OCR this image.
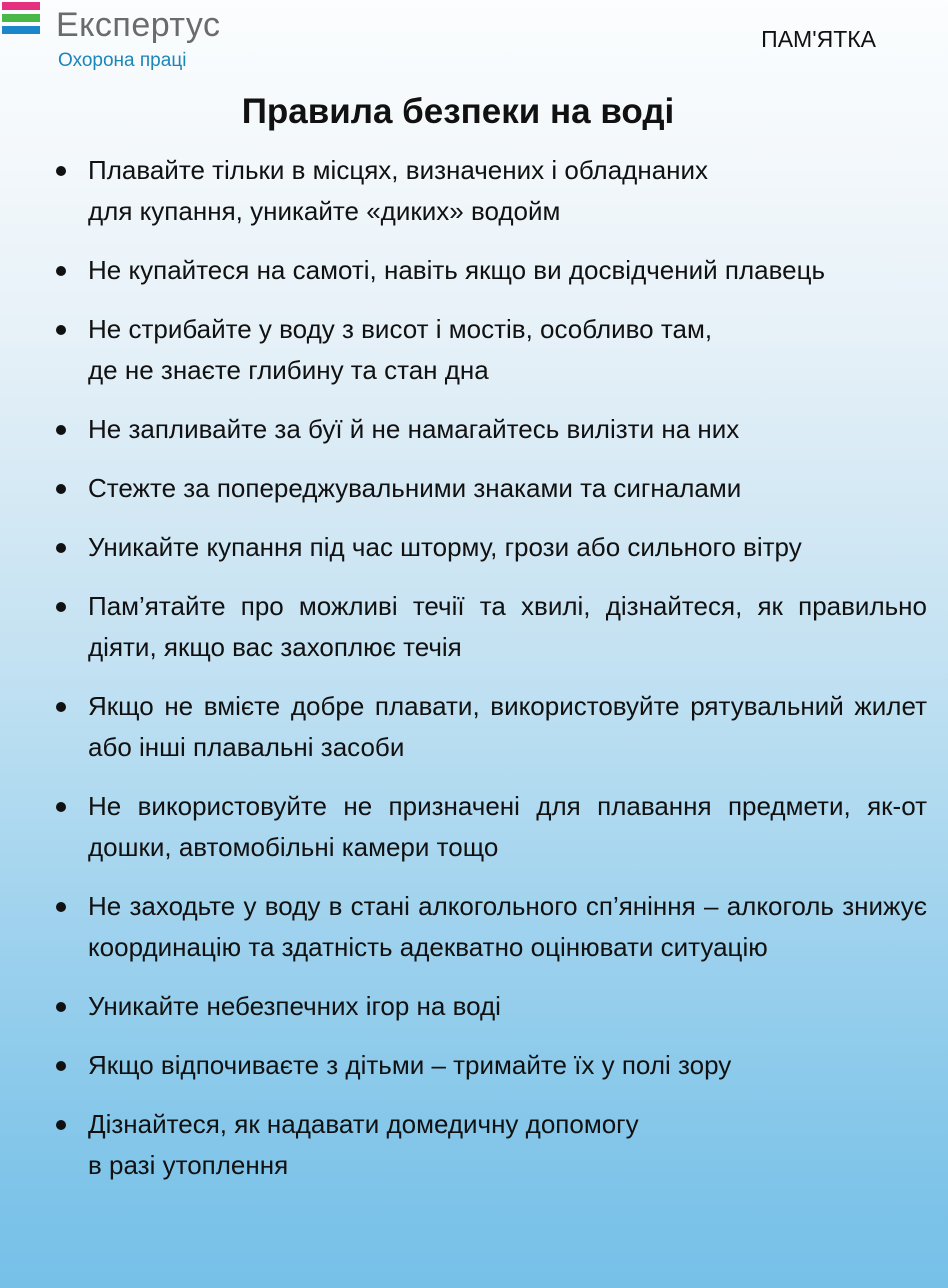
Експертус
Охорона праці
ПАМ'ЯТКА
Правила безпеки на воді
Плавайте тільки в місцях, визначених і обладнаних
для купання, уникайте «диких» водойм
Не купайтеся на самоті, навіть якщо ви досвідчений плавець
Не стрибайте у воду з висот і мостів, особливо там,
де не знаєте глибину та стан дна
Не запливайте за буї й не намагайтесь вилізти на них
Стежте за попереджувальними знаками та сигналами
Уникайте купання під час шторму, грози або сильного вітру
Пам’ятайте про можливі течії та хвилі, дізнайтеся, як правильно діяти, якщо вас захоплює течія
Якщо не вмієте добре плавати, використовуйте рятувальний жилет або інші плавальні засоби
Не використовуйте не призначені для плавання предмети, як-от дошки, автомобільні камери тощо
Не заходьте у воду в стані алкогольного сп’яніння – алкоголь знижує координацію та здатність адекватно оцінювати ситуацію
Уникайте небезпечних ігор на воді
Якщо відпочиваєте з дітьми – тримайте їх у полі зору
Дізнайтеся, як надавати домедичну допомогу
в разі утоплення
